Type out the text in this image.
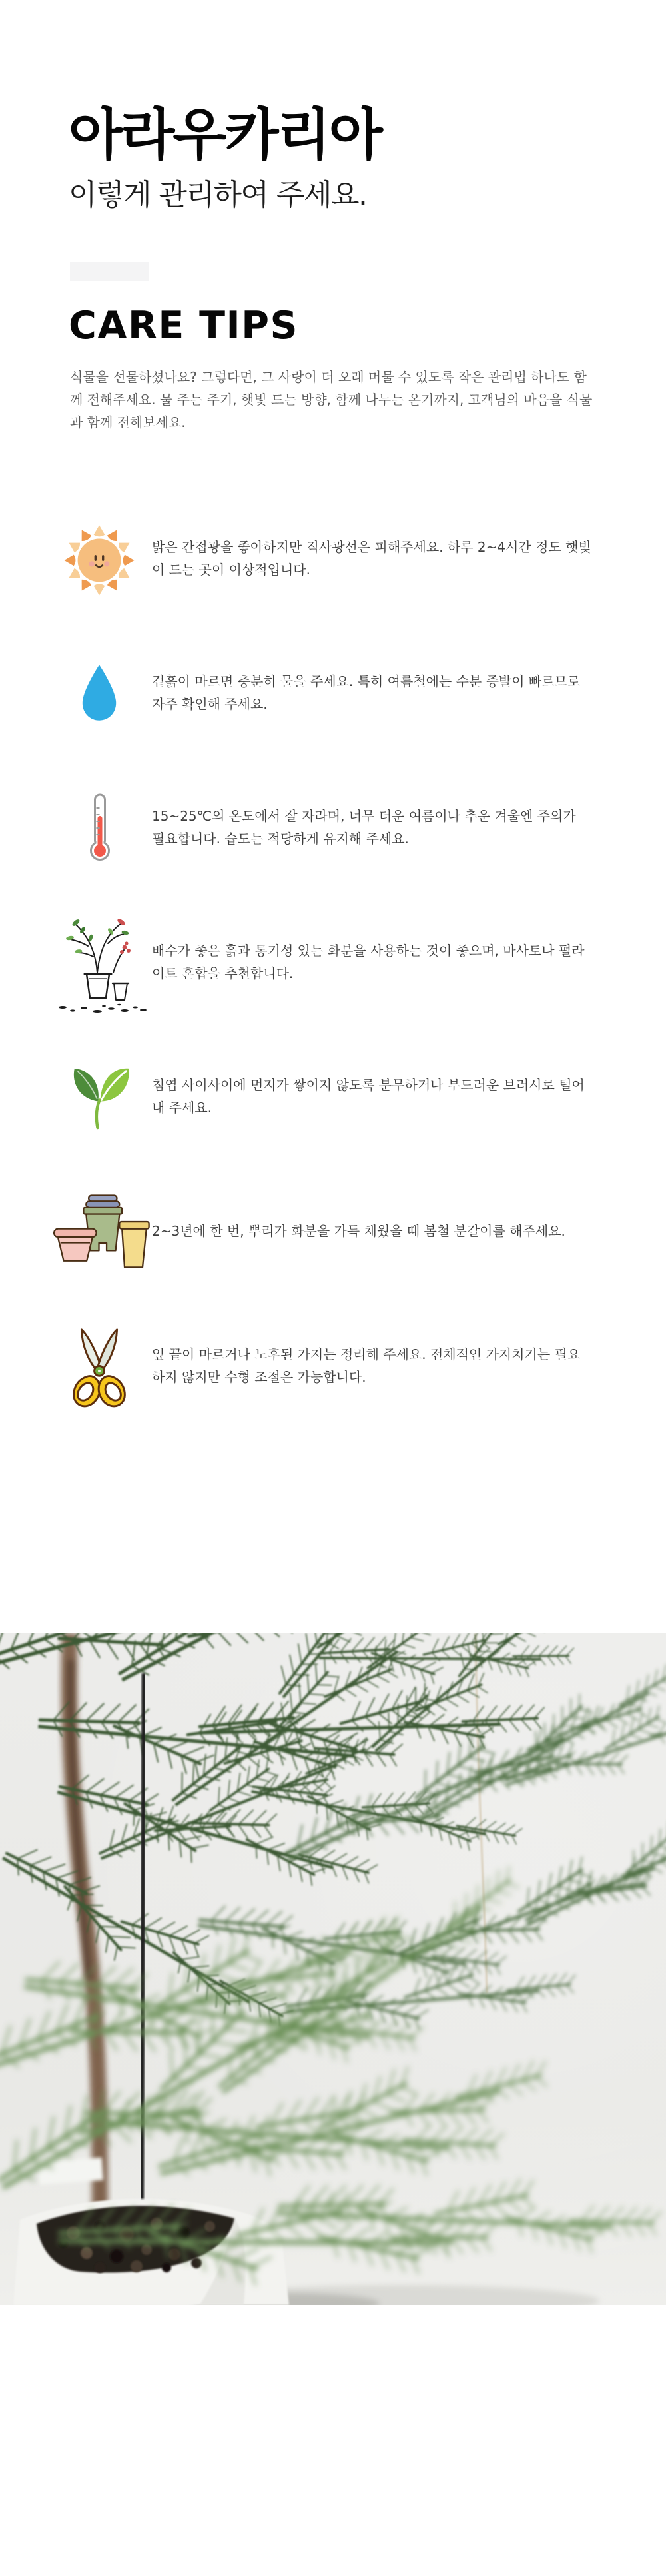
아라우카리아

이렇게 관리하여 주세요.

CARE TIPS

식물을 선물하셨나요? 그렇다면, 그 사랑이 더 오래 머물 수 있도록 작은 관리법 하나도 함께 전해주세요. 물 주는 주기, 햇빛 드는 방향, 함께 나누는 온기까지, 고객님의 마음을 식물과 함께 전해보세요.

밝은 간접광을 좋아하지만 직사광선은 피해주세요. 하루 2~4시간 정도 햇빛이 드는 곳이 이상적입니다.
겉흙이 마르면 충분히 물을 주세요. 특히 여름철에는 수분 증발이 빠르므로 자주 확인해 주세요.
15~25℃의 온도에서 잘 자라며, 너무 더운 여름이나 추운 겨울엔 주의가 필요합니다. 습도는 적당하게 유지해 주세요.
배수가 좋은 흙과 통기성 있는 화분을 사용하는 것이 좋으며, 마사토나 펄라이트 혼합을 추천합니다.
침엽 사이사이에 먼지가 쌓이지 않도록 분무하거나 부드러운 브러시로 털어내 주세요.
2~3년에 한 번, 뿌리가 화분을 가득 채웠을 때 봄철 분갈이를 해주세요.
잎 끝이 마르거나 노후된 가지는 정리해 주세요. 전체적인 가지치기는 필요하지 않지만 수형 조절은 가능합니다.
